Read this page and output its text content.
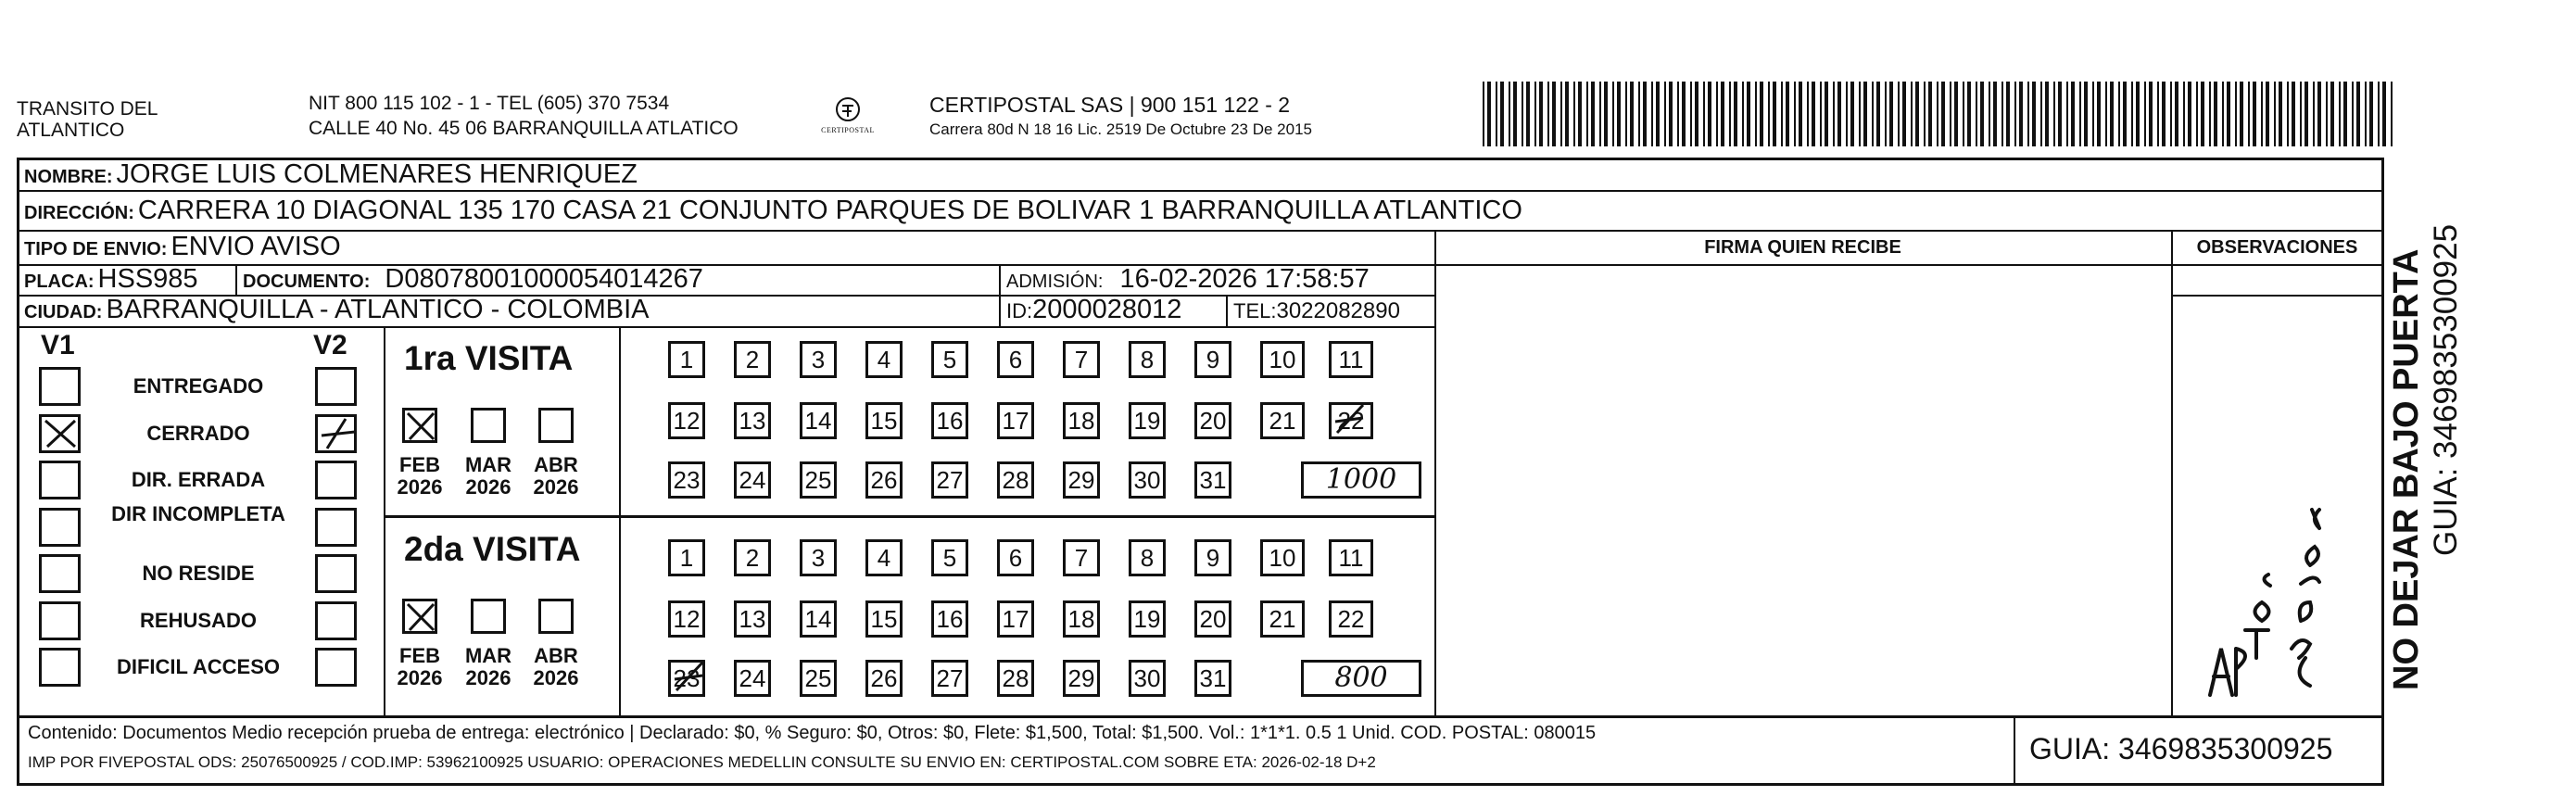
TRANSITO DEL
ATLANTICO
NIT 800 115 102 - 1 - TEL (605) 370 7534
CALLE 40 No. 45 06 BARRANQUILLA ATLATICO	CERTIPOSTAL
CERTIPOSTAL SAS | 900 151 122 - 2
Carrera 80d N 18 16 Lic. 2519 De Octubre 23 De 2015
NOMBRE: JORGE LUIS COLMENARES HENRIQUEZ
DIRECCIÓN: CARRERA 10 DIAGONAL 135 170 CASA 21 CONJUNTO PARQUES DE BOLIVAR 1 BARRANQUILLA ATLANTICO
TIPO DE ENVIO: ENVIO AVISO	FIRMA QUIEN RECIBE	OBSERVACIONES
PLACA: HSS985 DOCUMENTO: D08078001000054014267	ADMISIÓN: 16-02-2026 17:58:57
CIUDAD: BARRANQUILLA - ATLANTICO - COLOMBIA	ID:2000028012	TEL:3022082890
V1	V2
ENTREGADO
CERRADO
DIR. ERRADA
DIR INCOMPLETA
NO RESIDE
REHUSADO
DIFICIL ACCESO
1ra VISITA
2da VISITA
FEB
2026
MAR
2026
ABR
2026
FEB
2026
MAR
2026
ABR
2026
1	2	3	4	5	6	7	8	9	10	11
12 13 14 15 16 17 18 19 20	21	22
23 24 25 26 27 28 29 30 31	1000
1	2	3	4	5	6	7	8	9	10	11
12 13 14 15 16 17 18 19 20	21	22
23 24 25 26 27 28 29 30 31	800
Contenido: Documentos Medio recepción prueba de entrega: electrónico | Declarado: $0, % Seguro: $0, Otros: $0, Flete: $1,500, Total: $1,500. Vol.: 1*1*1. 0.5 1 Unid. COD. POSTAL: 080015
IMP POR FIVEPOSTAL ODS: 25076500925 / COD.IMP: 53962100925 USUARIO: OPERACIONES MEDELLIN CONSULTE SU ENVIO EN: CERTIPOSTAL.COM SOBRE ETA: 2026-02-18 D+2	GUIA: 3469835300925
NO DEJAR BAJO PUERTA GUIA: 3469835300925
